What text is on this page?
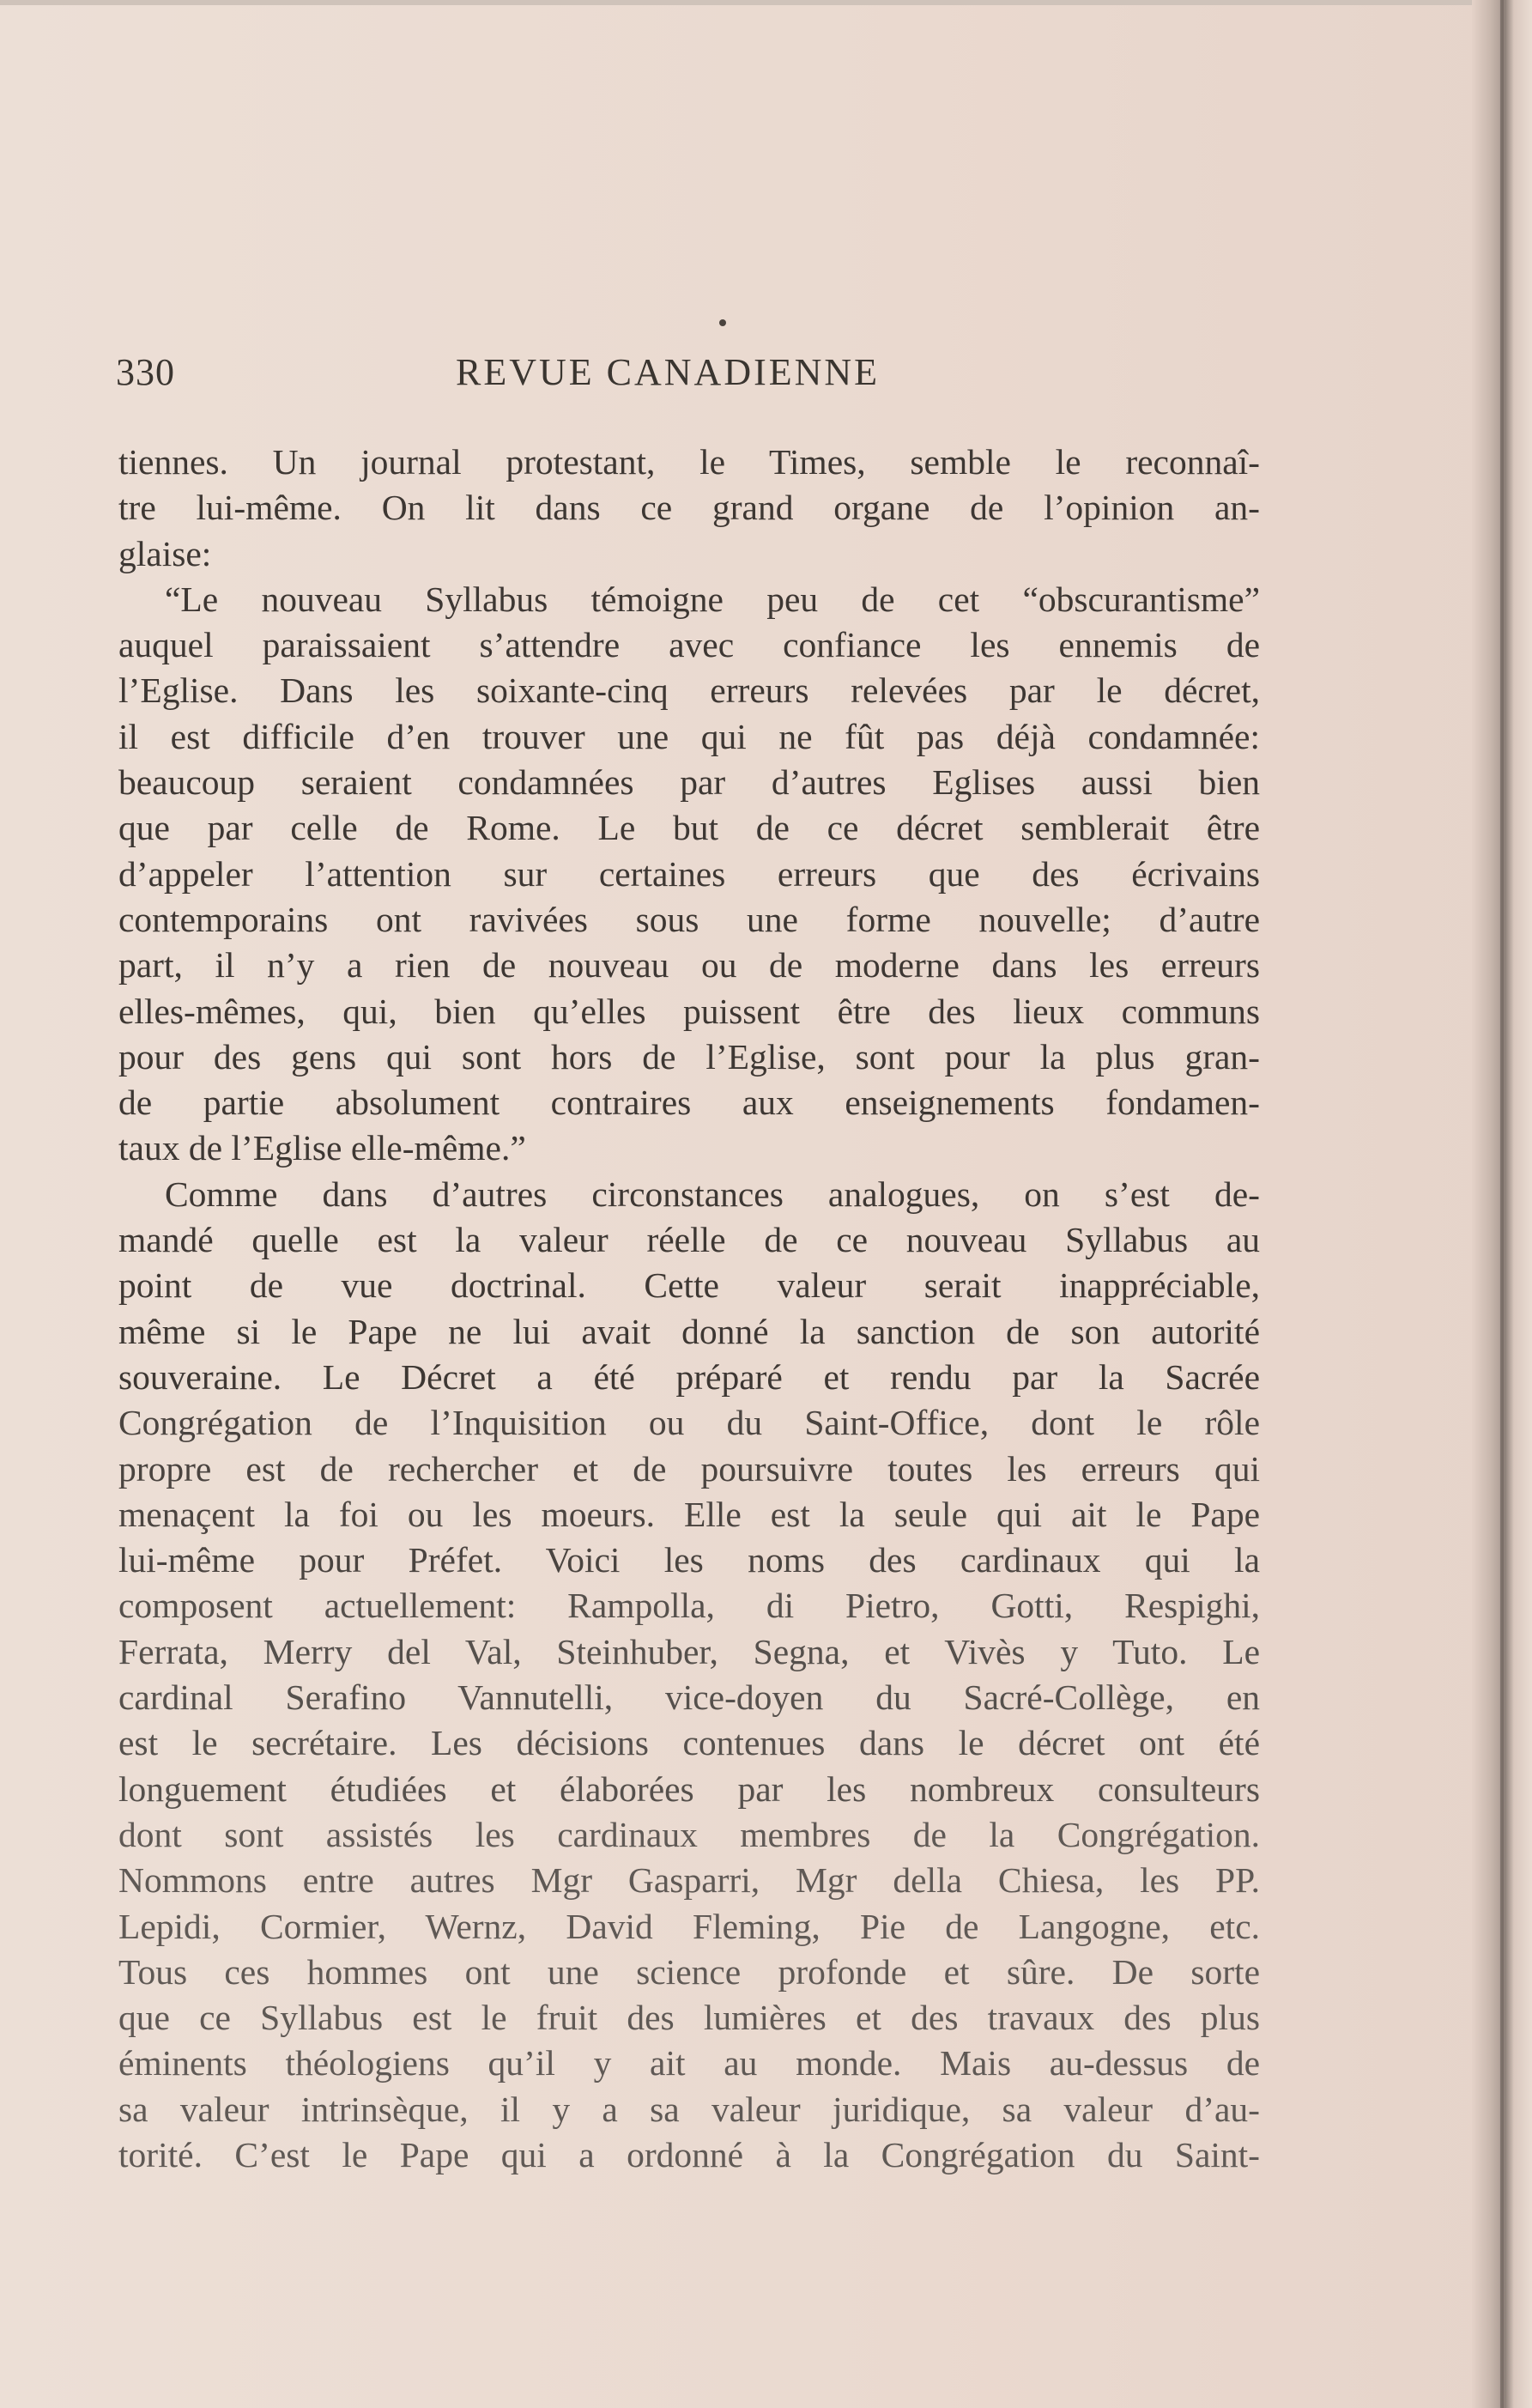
330	REVUE CANADIENNE
tiennes. Un journal protestant, le Times, semble le reconnaî-
tre lui-même. On lit dans ce grand organe de l’opinion an-
glaise:
“Le nouveau Syllabus témoigne peu de cet “obscurantisme”
auquel paraissaient s’attendre avec confiance les ennemis de
l’Eglise. Dans les soixante-cinq erreurs relevées par le décret,
il est difficile d’en trouver une qui ne fût pas déjà condamnée:
beaucoup seraient condamnées par d’autres Eglises aussi bien
que par celle de Rome. Le but de ce décret semblerait être
d’appeler l’attention sur certaines erreurs que des écrivains
contemporains ont ravivées sous une forme nouvelle; d’autre
part, il n’y a rien de nouveau ou de moderne dans les erreurs
elles-mêmes, qui, bien qu’elles puissent être des lieux communs
pour des gens qui sont hors de l’Eglise, sont pour la plus gran-
de partie absolument contraires aux enseignements fondamen-
taux de l’Eglise elle-même.”
Comme dans d’autres circonstances analogues, on s’est de-
mandé quelle est la valeur réelle de ce nouveau Syllabus au
point de vue doctrinal. Cette valeur serait inappréciable,
même si le Pape ne lui avait donné la sanction de son autorité
souveraine. Le Décret a été préparé et rendu par la Sacrée
Congrégation de l’Inquisition ou du Saint-Office, dont le rôle
propre est de rechercher et de poursuivre toutes les erreurs qui
menaçent la foi ou les moeurs. Elle est la seule qui ait le Pape
lui-même pour Préfet. Voici les noms des cardinaux qui la
composent actuellement: Rampolla, di Pietro, Gotti, Respighi,
Ferrata, Merry del Val, Steinhuber, Segna, et Vivès y Tuto. Le
cardinal Serafino Vannutelli, vice-doyen du Sacré-Collège, en
est le secrétaire. Les décisions contenues dans le décret ont été
longuement étudiées et élaborées par les nombreux consulteurs
dont sont assistés les cardinaux membres de la Congrégation.
Nommons entre autres Mgr Gasparri, Mgr della Chiesa, les PP.
Lepidi, Cormier, Wernz, David Fleming, Pie de Langogne, etc.
Tous ces hommes ont une science profonde et sûre. De sorte
que ce Syllabus est le fruit des lumières et des travaux des plus
éminents théologiens qu’il y ait au monde. Mais au-dessus de
sa valeur intrinsèque, il y a sa valeur juridique, sa valeur d’au-
torité. C’est le Pape qui a ordonné à la Congrégation du Saint-
